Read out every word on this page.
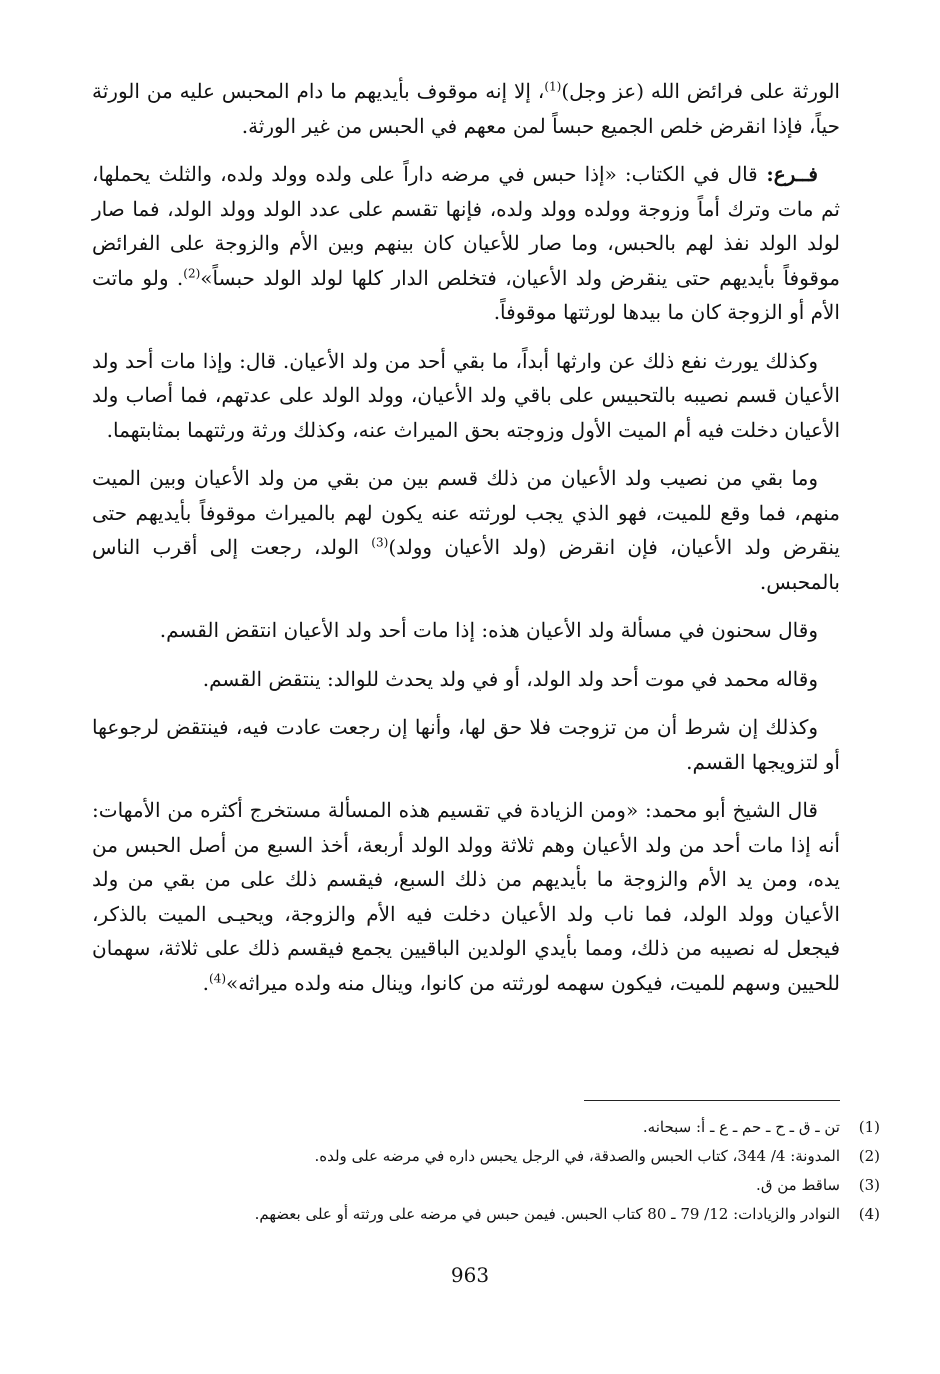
الورثة على فرائض الله (عز وجل)$^{(1)}$، إلا إنه موقوف بأيديهم ما دام المحبس عليه من الورثة حياً، فإذا انقرض خلص الجميع حبساً لمن معهم في الحبس من غير الورثة.

فــرع: قال في الكتاب: «إذا حبس في مرضه داراً على ولده وولد ولده، والثلث يحملها، ثم مات وترك أماً وزوجة وولده وولد ولده، فإنها تقسم على عدد الولد وولد الولد، فما صار لولد الولد نفذ لهم بالحبس، وما صار للأعيان كان بينهم وبين الأم والزوجة على الفرائض موقوفاً بأيديهم حتى ينقرض ولد الأعيان، فتخلص الدار كلها لولد الولد حبساً»$^{(2)}$. ولو ماتت الأم أو الزوجة كان ما بيدها لورثتها موقوفاً.

وكذلك يورث نفع ذلك عن وارثها أبداً، ما بقي أحد من ولد الأعيان. قال: وإذا مات أحد ولد الأعيان قسم نصيبه بالتحبيس على باقي ولد الأعيان، وولد الولد على عدتهم، فما أصاب ولد الأعيان دخلت فيه أم الميت الأول وزوجته بحق الميراث عنه، وكذلك ورثة ورثتهما بمثابتهما.

وما بقي من نصيب ولد الأعيان من ذلك قسم بين من بقي من ولد الأعيان وبين الميت منهم، فما وقع للميت، فهو الذي يجب لورثته عنه يكون لهم بالميراث موقوفاً بأيديهم حتى ينقرض ولد الأعيان، فإن انقرض (ولد الأعيان وولد)$^{(3)}$ الولد، رجعت إلى أقرب الناس بالمحبس.

وقال سحنون في مسألة ولد الأعيان هذه: إذا مات أحد ولد الأعيان انتقض القسم.

وقاله محمد في موت أحد ولد الولد، أو في ولد يحدث للوالد: ينتقض القسم.

وكذلك إن شرط أن من تزوجت فلا حق لها، وأنها إن رجعت عادت فيه، فينتقض لرجوعها أو لتزويجها القسم.

قال الشيخ أبو محمد: «ومن الزيادة في تقسيم هذه المسألة مستخرج أكثره من الأمهات: أنه إذا مات أحد من ولد الأعيان وهم ثلاثة وولد الولد أربعة، أخذ السبع من أصل الحبس من يده، ومن يد الأم والزوجة ما بأيديهم من ذلك السبع، فيقسم ذلك على من بقي من ولد الأعيان وولد الولد، فما ناب ولد الأعيان دخلت فيه الأم والزوجة، ويحيـى الميت بالذكر، فيجعل له نصيبه من ذلك، ومما بأيدي الولدين الباقيين يجمع فيقسم ذلك على ثلاثة، سهمان للحيين وسهم للميت، فيكون سهمه لورثته من كانوا، وينال منه ولده ميراثه»$^{(4)}$.

(1)
تن ـ ق ـ ح ـ حم ـ ع ـ أ: سبحانه.
(2)
المدونة: 4/ 344، كتاب الحبس والصدقة، في الرجل يحبس داره في مرضه على ولده.
(3)
ساقط من ق.
(4)
النوادر والزيادات: 12/ 79 ـ 80 كتاب الحبس. فيمن حبس في مرضه على ورثته أو على بعضهم.
963
